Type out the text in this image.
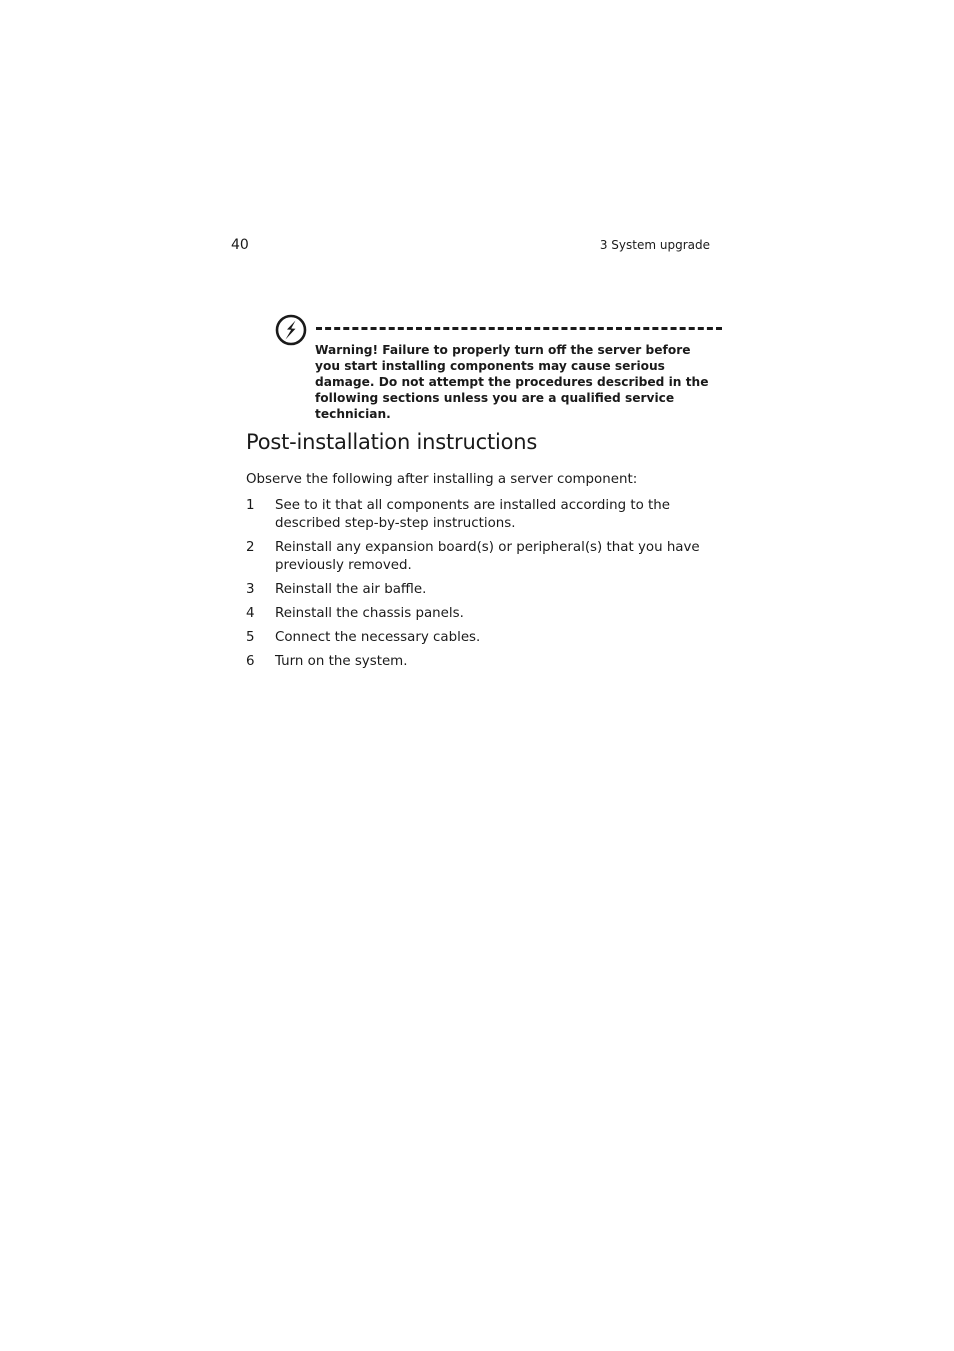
40	3 System upgrade
Warning! Failure to properly turn off the server before you start installing components may cause serious damage. Do not attempt the procedures described in the following sections unless you are a qualified service technician.
Post-installation instructions

Observe the following after installing a server component:

1 See to it that all components are installed according to the described step-by-step instructions.
2 Reinstall any expansion board(s) or peripheral(s) that you have previously removed.
3 Reinstall the air baffle.
4 Reinstall the chassis panels.
5 Connect the necessary cables.
6 Turn on the system.
